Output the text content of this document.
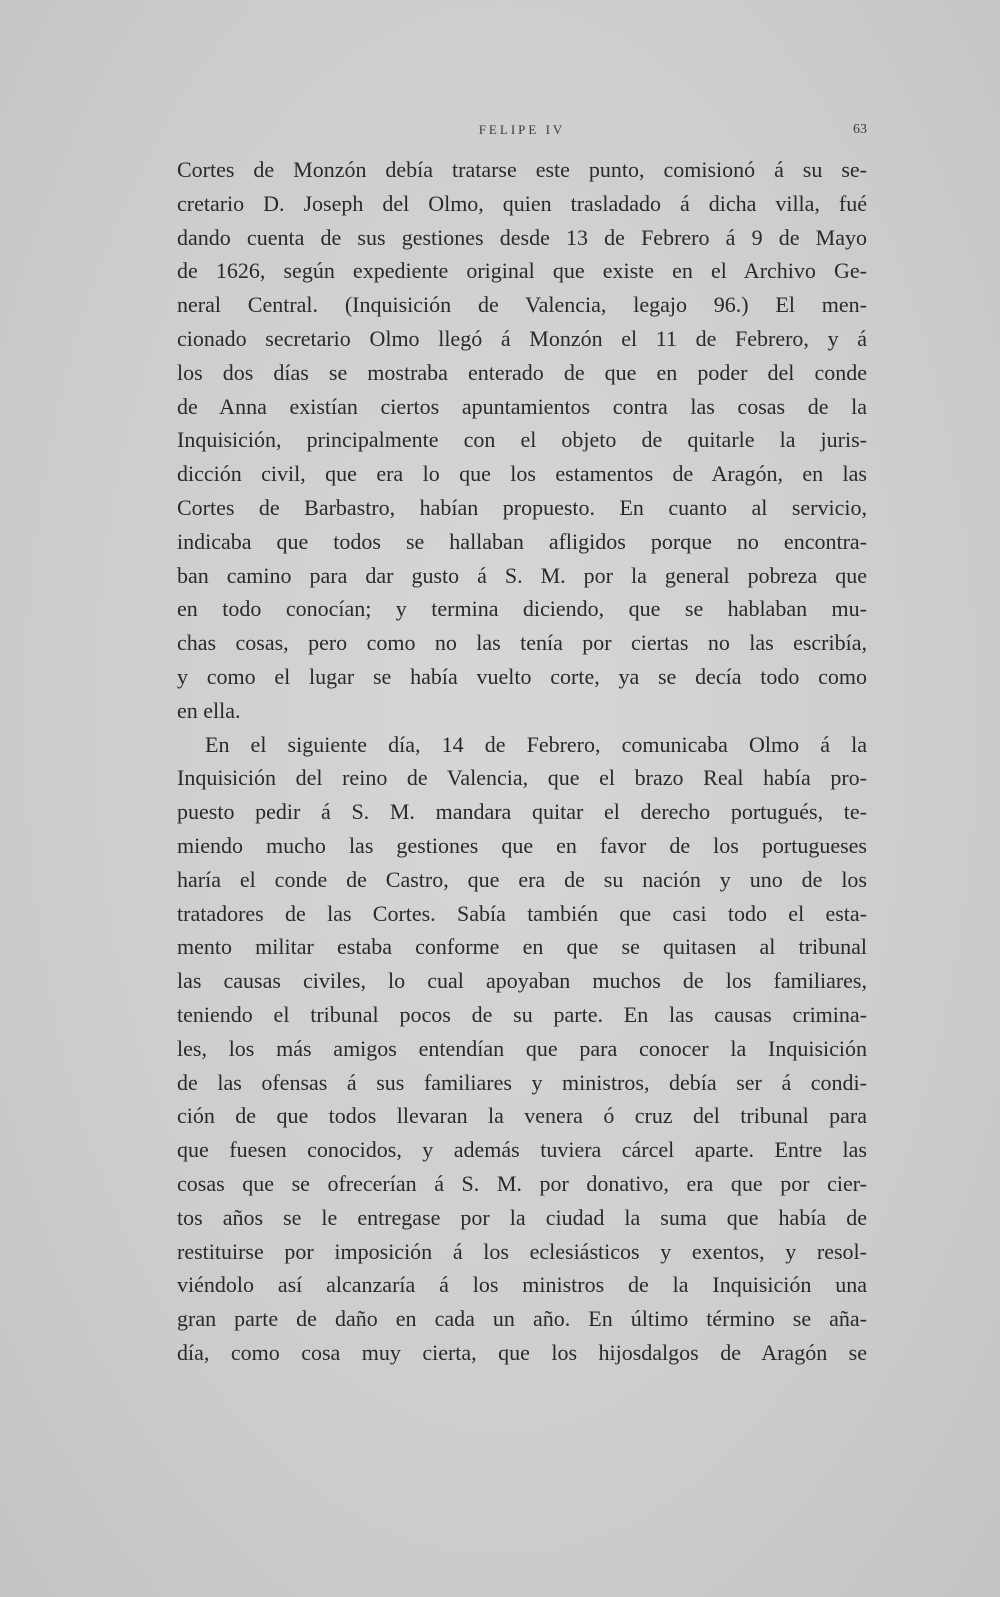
FELIPE IV	63
Cortes de Monzón debía tratarse este punto, comisionó á su se-
cretario D. Joseph del Olmo, quien trasladado á dicha villa, fué
dando cuenta de sus gestiones desde 13 de Febrero á 9 de Mayo
de 1626, según expediente original que existe en el Archivo Ge-
neral Central. (Inquisición de Valencia, legajo 96.) El men-
cionado secretario Olmo llegó á Monzón el 11 de Febrero, y á
los dos días se mostraba enterado de que en poder del conde
de Anna existían ciertos apuntamientos contra las cosas de la
Inquisición, principalmente con el objeto de quitarle la juris-
dicción civil, que era lo que los estamentos de Aragón, en las
Cortes de Barbastro, habían propuesto. En cuanto al servicio,
indicaba que todos se hallaban afligidos porque no encontra-
ban camino para dar gusto á S. M. por la general pobreza que
en todo conocían; y termina diciendo, que se hablaban mu-
chas cosas, pero como no las tenía por ciertas no las escribía,
y como el lugar se había vuelto corte, ya se decía todo como
en ella.
En el siguiente día, 14 de Febrero, comunicaba Olmo á la
Inquisición del reino de Valencia, que el brazo Real había pro-
puesto pedir á S. M. mandara quitar el derecho portugués, te-
miendo mucho las gestiones que en favor de los portugueses
haría el conde de Castro, que era de su nación y uno de los
tratadores de las Cortes. Sabía también que casi todo el esta-
mento militar estaba conforme en que se quitasen al tribunal
las causas civiles, lo cual apoyaban muchos de los familiares,
teniendo el tribunal pocos de su parte. En las causas crimina-
les, los más amigos entendían que para conocer la Inquisición
de las ofensas á sus familiares y ministros, debía ser á condi-
ción de que todos llevaran la venera ó cruz del tribunal para
que fuesen conocidos, y además tuviera cárcel aparte. Entre las
cosas que se ofrecerían á S. M. por donativo, era que por cier-
tos años se le entregase por la ciudad la suma que había de
restituirse por imposición á los eclesiásticos y exentos, y resol-
viéndolo así alcanzaría á los ministros de la Inquisición una
gran parte de daño en cada un año. En último término se aña-
día, como cosa muy cierta, que los hijosdalgos de Aragón se
